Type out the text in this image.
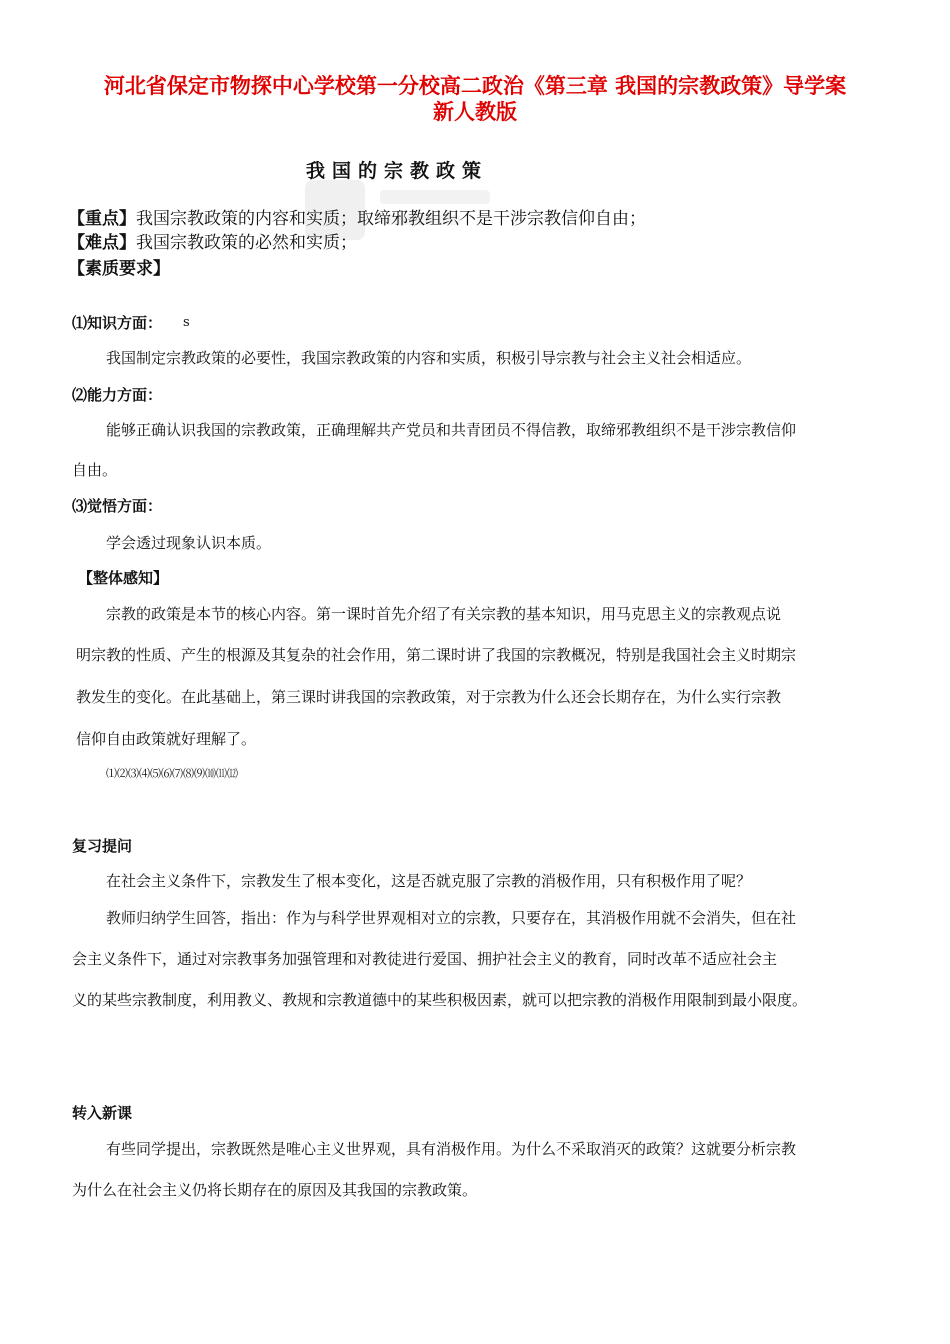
河北省保定市物探中心学校第一分校高二政治《第三章 我国的宗教政策》导学案
新人教版
我国的宗教政策
【重点】我国宗教政策的内容和实质；取缔邪教组织不是干涉宗教信仰自由；
【难点】我国宗教政策的必然和实质；
【素质要求】
⑴知识方面： s
我国制定宗教政策的必要性，我国宗教政策的内容和实质，积极引导宗教与社会主义社会相适应。
⑵能力方面：
能够正确认识我国的宗教政策，正确理解共产党员和共青团员不得信教，取缔邪教组织不是干涉宗教信仰
自由。
⑶觉悟方面：
学会透过现象认识本质。
【整体感知】
宗教的政策是本节的核心内容。第一课时首先介绍了有关宗教的基本知识，用马克思主义的宗教观点说
明宗教的性质、产生的根源及其复杂的社会作用，第二课时讲了我国的宗教概况，特别是我国社会主义时期宗
教发生的变化。在此基础上，第三课时讲我国的宗教政策，对于宗教为什么还会长期存在，为什么实行宗教
信仰自由政策就好理解了。
⑴⑵⑶⑷⑸⑹⑺⑻⑼⑽⑾⑿
复习提问
在社会主义条件下，宗教发生了根本变化，这是否就克服了宗教的消极作用，只有积极作用了呢？
教师归纳学生回答，指出：作为与科学世界观相对立的宗教，只要存在，其消极作用就不会消失，但在社
会主义条件下，通过对宗教事务加强管理和对教徒进行爱国、拥护社会主义的教育，同时改革不适应社会主
义的某些宗教制度，利用教义、教规和宗教道德中的某些积极因素，就可以把宗教的消极作用限制到最小限度。
转入新课
有些同学提出，宗教既然是唯心主义世界观，具有消极作用。为什么不采取消灭的政策？这就要分析宗教
为什么在社会主义仍将长期存在的原因及其我国的宗教政策。
